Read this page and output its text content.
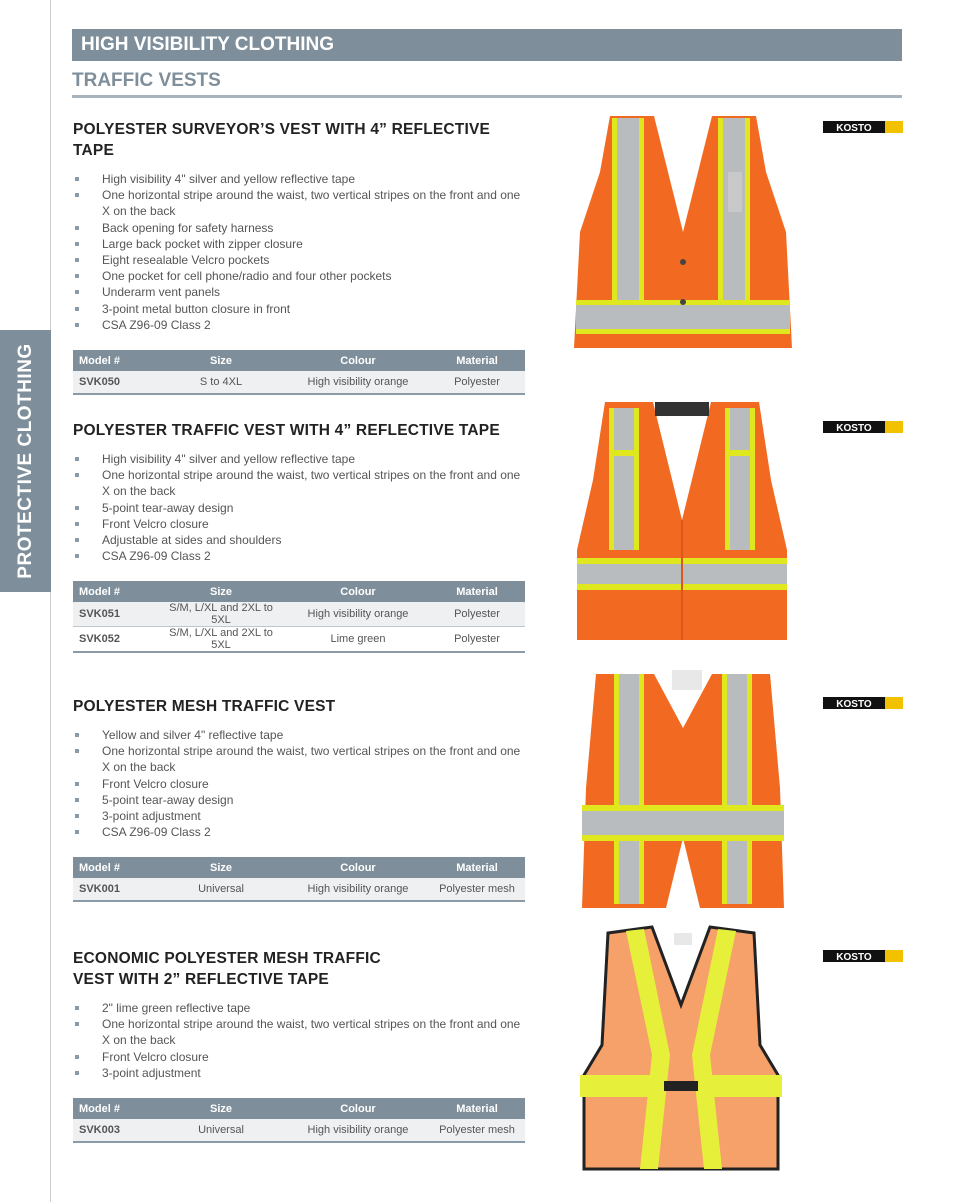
PROTECTIVE CLOTHING
HIGH VISIBILITY CLOTHING
TRAFFIC VESTS
KOSTO
KOSTO
KOSTO
KOSTO
POLYESTER SURVEYOR’S VEST WITH 4” REFLECTIVE TAPE
High visibility 4" silver and yellow reflective tape
One horizontal stripe around the waist, two vertical stripes on the front and one X on the back
Back opening for safety harness
Large back pocket with zipper closure
Eight resealable Velcro pockets
One pocket for cell phone/radio and four other pockets
Underarm vent panels
3-point metal button closure in front
CSA Z96-09 Class 2
Model #	Size	Colour	Material
SVK050	S to 4XL	High visibility orange	Polyester
POLYESTER TRAFFIC VEST WITH 4” REFLECTIVE TAPE
High visibility 4" silver and yellow reflective tape
One horizontal stripe around the waist, two vertical stripes on the front and one X on the back
5-point tear-away design
Front Velcro closure
Adjustable at sides and shoulders
CSA Z96-09 Class 2
Model #	Size	Colour	Material
SVK051	S/M, L/XL and 2XL to 5XL	High visibility orange	Polyester
SVK052	S/M, L/XL and 2XL to 5XL	Lime green	Polyester
POLYESTER MESH TRAFFIC VEST
Yellow and silver 4" reflective tape
One horizontal stripe around the waist, two vertical stripes on the front and one X on the back
Front Velcro closure
5-point tear-away design
3-point adjustment
CSA Z96-09 Class 2
Model #	Size	Colour	Material
SVK001	Universal	High visibility orange	Polyester mesh
ECONOMIC POLYESTER MESH TRAFFIC VEST WITH 2” REFLECTIVE TAPE
2" lime green reflective tape
One horizontal stripe around the waist, two vertical stripes on the front and one X on the back
Front Velcro closure
3-point adjustment
Model #	Size	Colour	Material
SVK003	Universal	High visibility orange	Polyester mesh
